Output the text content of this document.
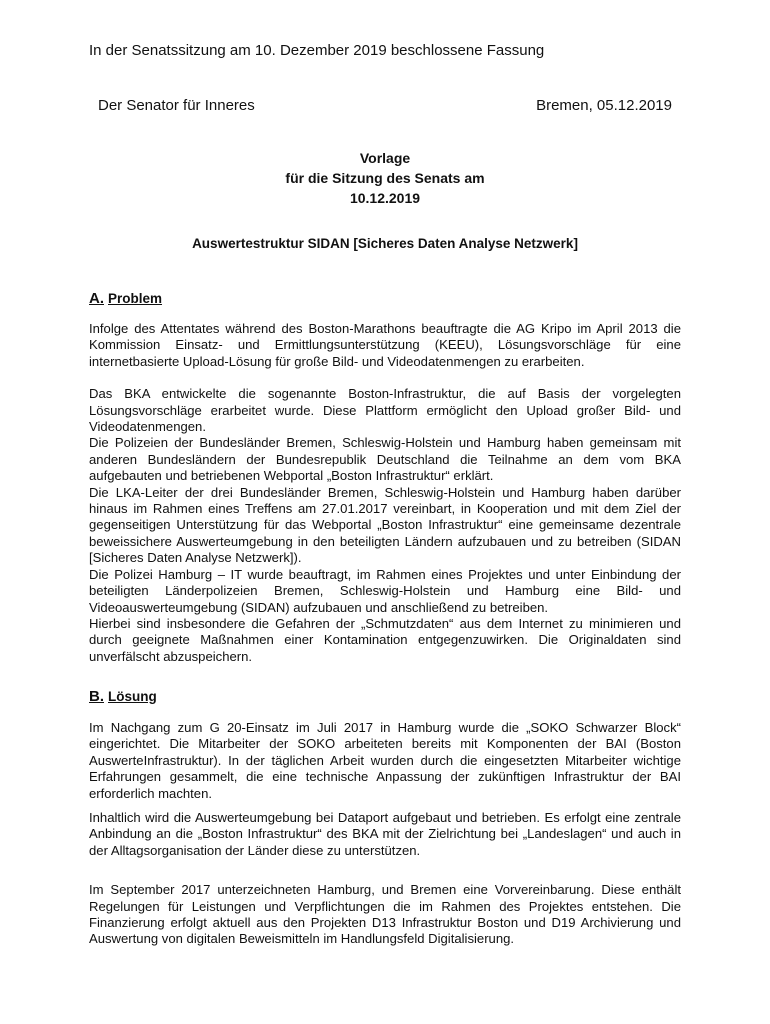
In der Senatssitzung am 10. Dezember 2019 beschlossene Fassung
Der Senator für Inneres	Bremen, 05.12.2019
Vorlage
für die Sitzung des Senats am
10.12.2019
Auswertestruktur SIDAN [Sicheres Daten Analyse Netzwerk]
A. Problem

Infolge des Attentates während des Boston-Marathons beauftragte die AG Kripo im April 2013 die Kommission Einsatz- und Ermittlungsunterstützung (KEEU), Lösungsvorschläge für eine internetbasierte Upload-Lösung für große Bild- und Videodatenmengen zu erarbeiten.

Das BKA entwickelte die sogenannte Boston-Infrastruktur, die auf Basis der vorgelegten Lösungsvorschläge erarbeitet wurde. Diese Plattform ermöglicht den Upload großer Bild- und Videodatenmengen.

Die Polizeien der Bundesländer Bremen, Schleswig-Holstein und Hamburg haben gemeinsam mit anderen Bundesländern der Bundesrepublik Deutschland die Teilnahme an dem vom BKA aufgebauten und betriebenen Webportal „Boston Infrastruktur“ erklärt.

Die LKA-Leiter der drei Bundesländer Bremen, Schleswig-Holstein und Hamburg haben darüber hinaus im Rahmen eines Treffens am 27.01.2017 vereinbart, in Kooperation und mit dem Ziel der gegenseitigen Unterstützung für das Webportal „Boston Infrastruktur“ eine gemeinsame dezentrale beweissichere Auswerteumgebung in den beteiligten Ländern aufzubauen und zu betreiben (SIDAN [Sicheres Daten Analyse Netzwerk]).

Die Polizei Hamburg – IT wurde beauftragt, im Rahmen eines Projektes und unter Einbindung der beteiligten Länderpolizeien Bremen, Schleswig-Holstein und Hamburg eine Bild- und Videoauswerteumgebung (SIDAN) aufzubauen und anschließend zu betreiben.

Hierbei sind insbesondere die Gefahren der „Schmutzdaten“ aus dem Internet zu minimieren und durch geeignete Maßnahmen einer Kontamination entgegenzuwirken. Die Originaldaten sind unverfälscht abzuspeichern.

B. Lösung

Im Nachgang zum G 20-Einsatz im Juli 2017 in Hamburg wurde die „SOKO Schwarzer Block“ eingerichtet. Die Mitarbeiter der SOKO arbeiteten bereits mit Komponenten der BAI (Boston AuswerteInfrastruktur). In der täglichen Arbeit wurden durch die eingesetzten Mitarbeiter wichtige Erfahrungen gesammelt, die eine technische Anpassung der zukünftigen Infrastruktur der BAI erforderlich machten.

Inhaltlich wird die Auswerteumgebung bei Dataport aufgebaut und betrieben. Es erfolgt eine zentrale Anbindung an die „Boston Infrastruktur“ des BKA mit der Zielrichtung bei „Landeslagen“ und auch in der Alltagsorganisation der Länder diese zu unterstützen.

Im September 2017 unterzeichneten Hamburg, und Bremen eine Vorvereinbarung. Diese enthält Regelungen für Leistungen und Verpflichtungen die im Rahmen des Projektes entstehen. Die Finanzierung erfolgt aktuell aus den Projekten D13 Infrastruktur Boston und D19 Archivierung und Auswertung von digitalen Beweismitteln im Handlungsfeld Digitalisierung.
